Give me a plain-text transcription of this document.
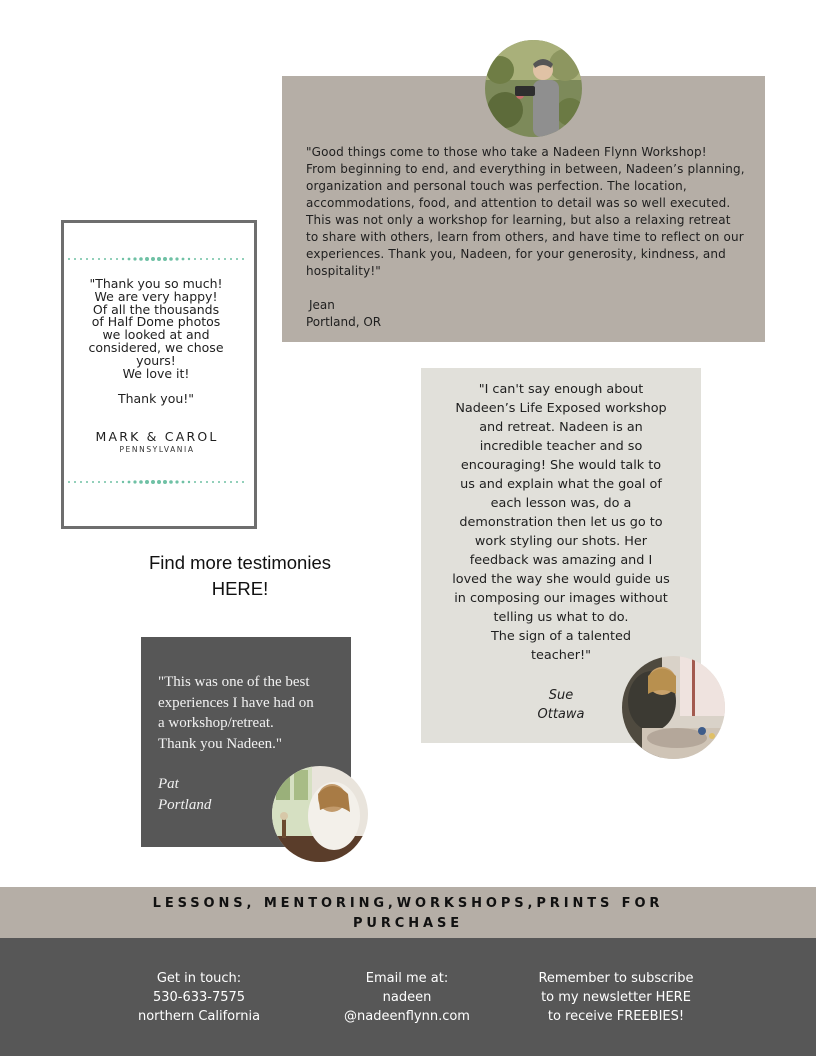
"Good things come to those who take a Nadeen Flynn Workshop!
From beginning to end, and everything in between, Nadeen’s planning,
organization and personal touch was perfection. The location,
accommodations, food, and attention to detail was so well executed.
This was not only a workshop for learning, but also a relaxing retreat
to share with others, learn from others, and have time to reflect on our
experiences. Thank you, Nadeen, for your generosity, kindness, and
hospitality!"
Jean
Portland, OR
"Thank you so much!
We are very happy!
Of all the thousands
of Half Dome photos
we looked at and
considered, we chose
yours!
We love it!

Thank you!"
MARK & CAROL
PENNSYLVANIA
Find more testimonies
HERE!
"I can't say enough about
Nadeen’s Life Exposed workshop
and retreat. Nadeen is an
incredible teacher and so
encouraging! She would talk to
us and explain what the goal of
each lesson was, do a
demonstration then let us go to
work styling our shots. Her
feedback was amazing and I
loved the way she would guide us
in composing our images without
telling us what to do.
The sign of a talented
teacher!"
Sue
Ottawa
"This was one of the best
experiences I have had on
a workshop/retreat.
Thank you Nadeen."
Pat
Portland
LESSONS, MENTORING,WORKSHOPS,PRINTS FOR PURCHASE
Get in touch:
530-633-7575
northern California
Email me at:
nadeen
@nadeenflynn.com
Remember to subscribe
to my newsletter HERE
to receive FREEBIES!
